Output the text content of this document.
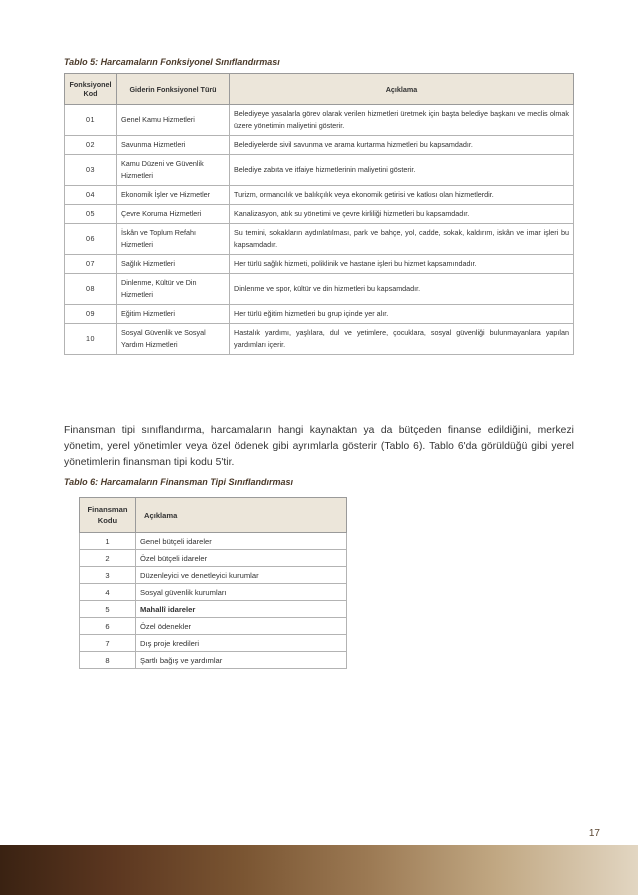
Tablo 5: Harcamaların Fonksiyonel Sınıflandırması
Fonksiyonel
Kod	Giderin Fonksiyonel Türü	Açıklama
01	Genel Kamu Hizmetleri	Belediyeye yasalarla görev olarak verilen hizmetleri üretmek için başta belediye başkanı ve meclis olmak üzere yönetimin maliyetini gösterir.
02	Savunma Hizmetleri	Belediyelerde sivil savunma ve arama kurtarma hizmetleri bu kapsamdadır.
03	Kamu Düzeni ve Güvenlik Hizmetleri	Belediye zabıta ve itfaiye hizmetlerinin maliyetini gösterir.
04	Ekonomik İşler ve Hizmetler	Turizm, ormancılık ve balıkçılık veya ekonomik getirisi ve katkısı olan hizmetlerdir.
05	Çevre Koruma Hizmetleri	Kanalizasyon, atık su yönetimi ve çevre kirliliği hizmetleri bu kapsamdadır.
06	İskân ve Toplum Refahı Hizmetleri	Su temini, sokakların aydınlatılması, park ve bahçe, yol, cadde, sokak, kaldırım, iskân ve imar işleri bu kapsamdadır.
07	Sağlık Hizmetleri	Her türlü sağlık hizmeti, poliklinik ve hastane işleri bu hizmet kapsamındadır.
08	Dinlenme, Kültür ve Din Hizmetleri	Dinlenme ve spor, kültür ve din hizmetleri bu kapsamdadır.
09	Eğitim Hizmetleri	Her türlü eğitim hizmetleri bu grup içinde yer alır.
10	Sosyal Güvenlik ve Sosyal Yardım Hizmetleri	Hastalık yardımı, yaşlılara, dul ve yetimlere, çocuklara, sosyal güvenliği bulunmayanlara yapılan yardımları içerir.
Finansman tipi sınıflandırma, harcamaların hangi kaynaktan ya da bütçeden finanse edildiğini, merkezi yönetim, yerel yönetimler veya özel ödenek gibi ayrımlarla gösterir (Tablo 6). Tablo 6'da görüldüğü gibi yerel yönetimlerin finansman tipi kodu 5'tir.
Tablo 6: Harcamaların Finansman Tipi Sınıflandırması
Finansman
Kodu	Açıklama
1	Genel bütçeli idareler
2	Özel bütçeli idareler
3	Düzenleyici ve denetleyici kurumlar
4	Sosyal güvenlik kurumları
5	Mahallî idareler
6	Özel ödenekler
7	Dış proje kredileri
8	Şartlı bağış ve yardımlar
17
